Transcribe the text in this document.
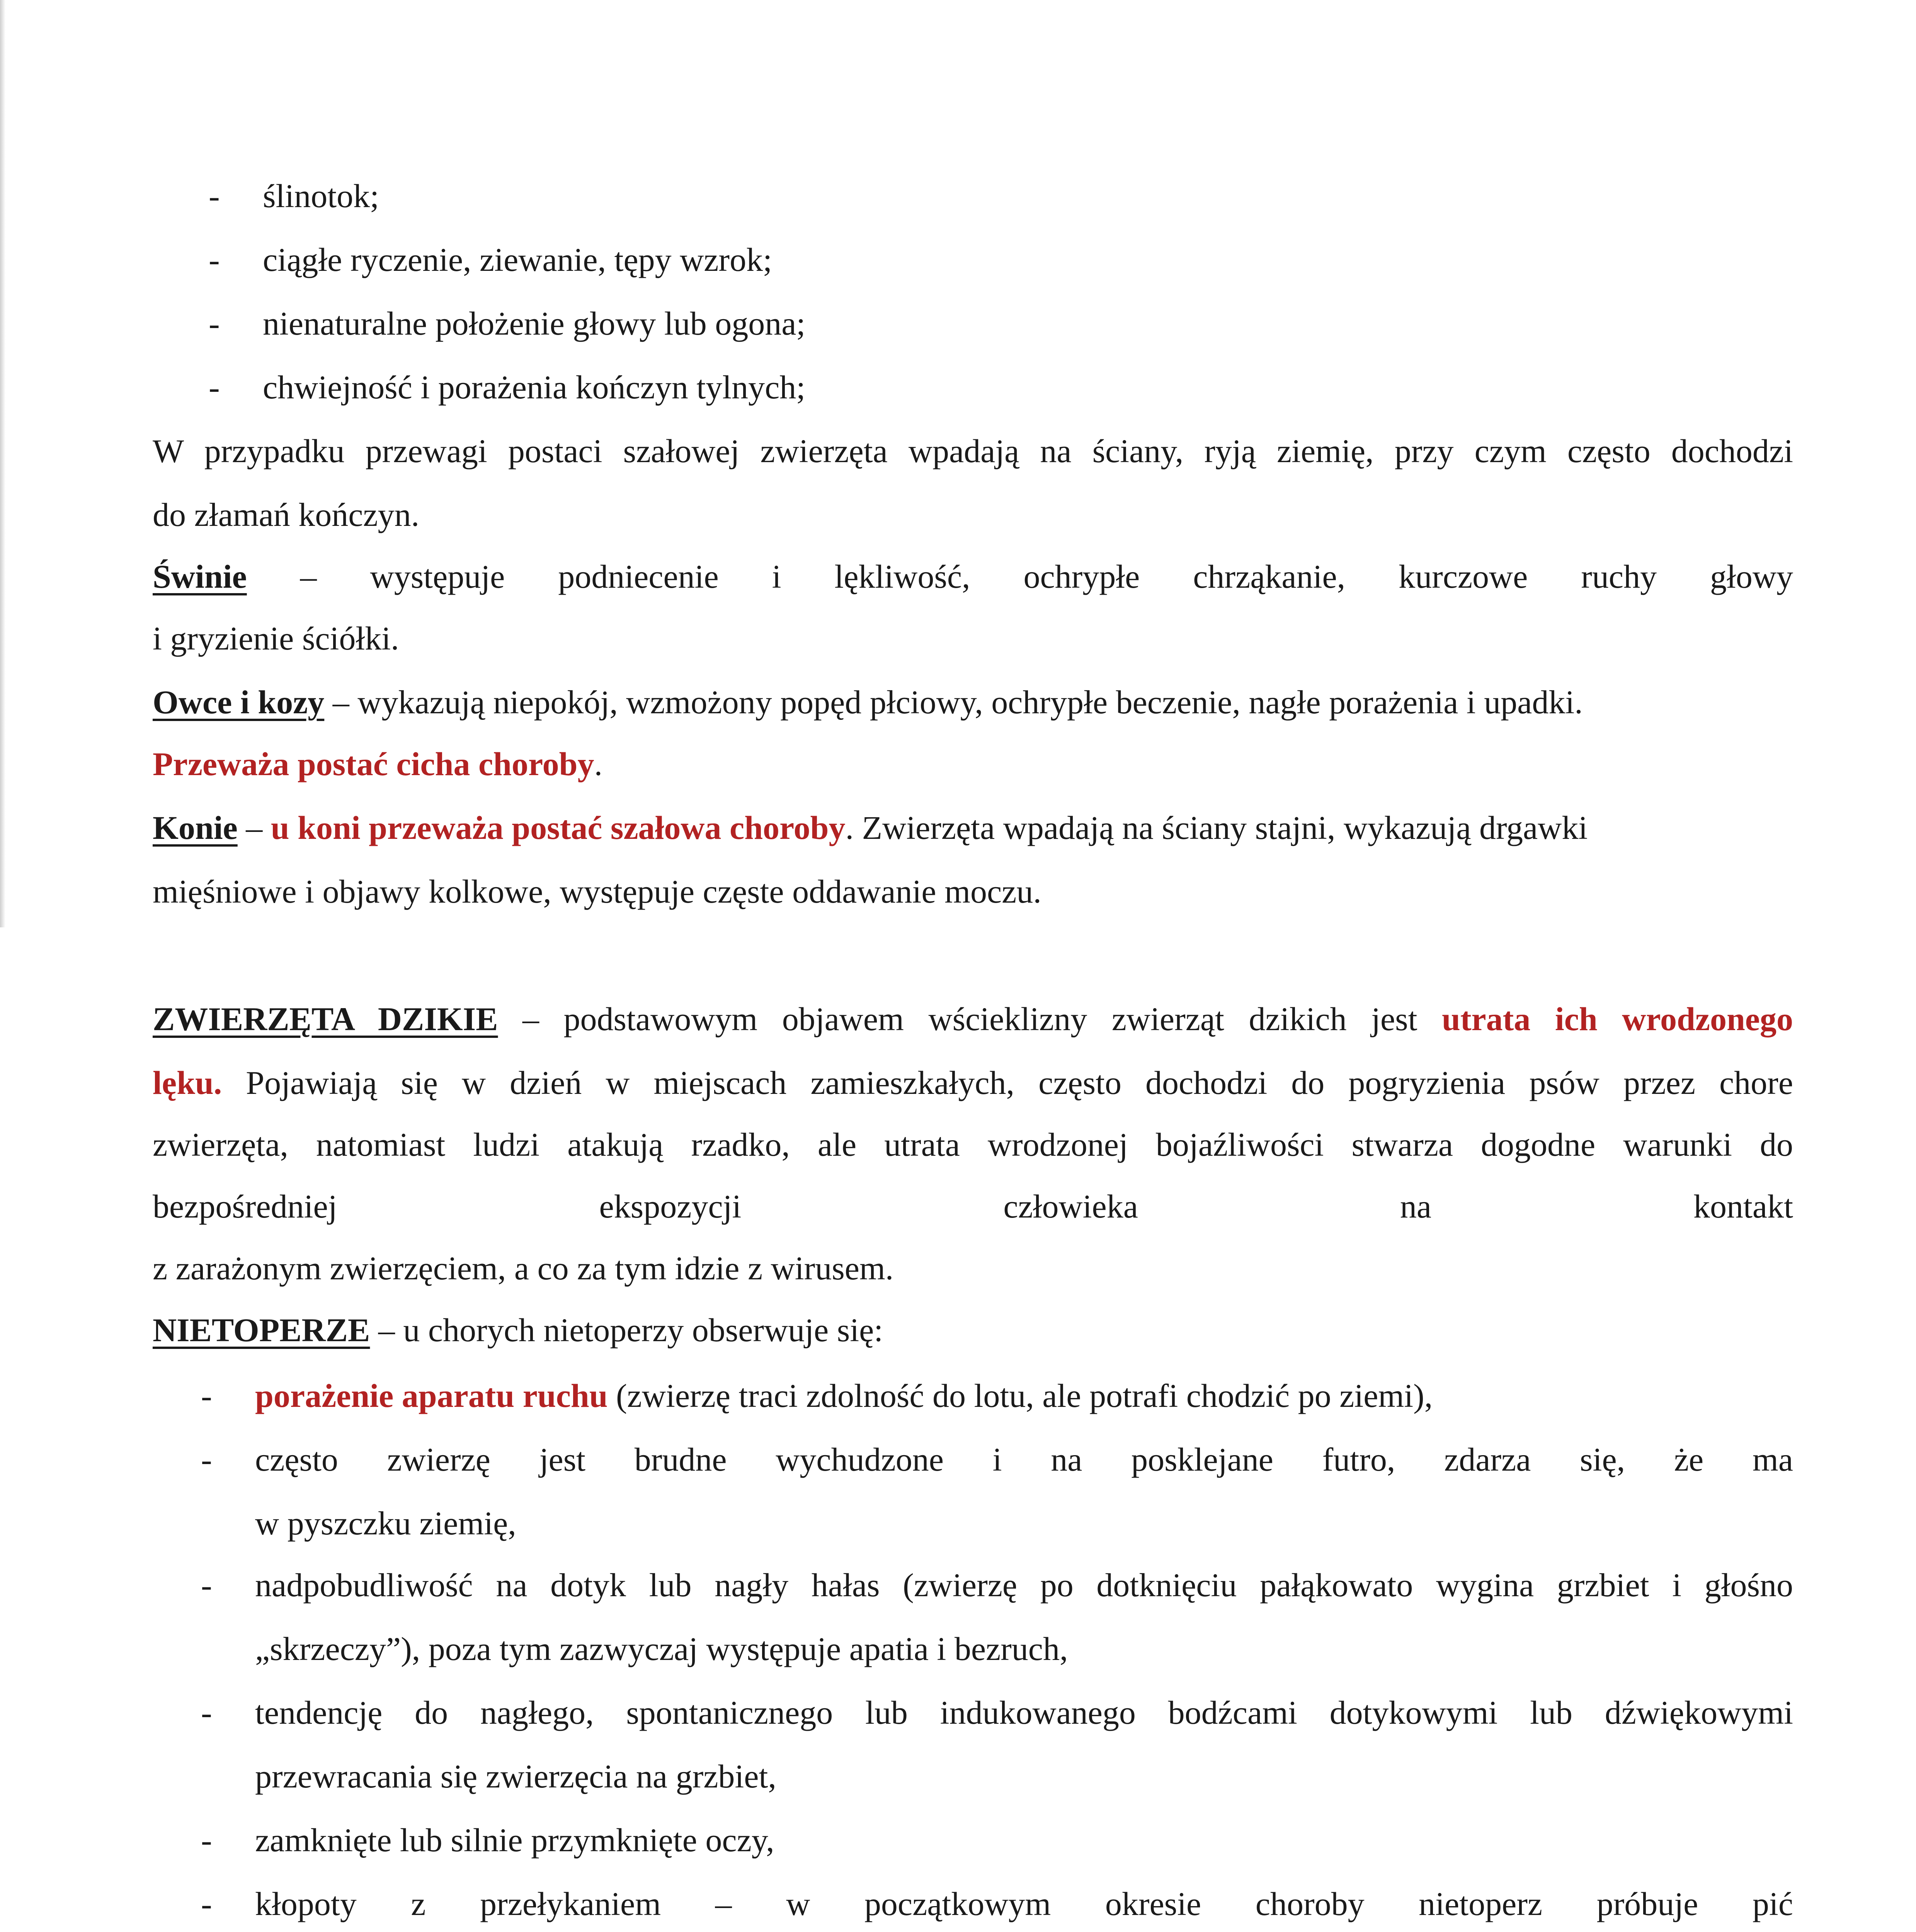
- ślinotok;
- ciągłe ryczenie, ziewanie, tępy wzrok;
- nienaturalne położenie głowy lub ogona;
- chwiejność i porażenia kończyn tylnych;
W przypadku przewagi postaci szałowej zwierzęta wpadają na ściany, ryją ziemię, przy czym często dochodzi
do złamań kończyn.
Świnie – występuje podniecenie i lękliwość, ochrypłe chrząkanie, kurczowe ruchy głowy
i gryzienie ściółki.
Owce i kozy – wykazują niepokój, wzmożony popęd płciowy, ochrypłe beczenie, nagłe porażenia i upadki.
Przeważa postać cicha choroby.
Konie – u koni przeważa postać szałowa choroby. Zwierzęta wpadają na ściany stajni, wykazują drgawki
mięśniowe i objawy kolkowe, występuje częste oddawanie moczu.
ZWIERZĘTA DZIKIE – podstawowym objawem wścieklizny zwierząt dzikich jest utrata ich wrodzonego
lęku. Pojawiają się w dzień w miejscach zamieszkałych, często dochodzi do pogryzienia psów przez chore
zwierzęta, natomiast ludzi atakują rzadko, ale utrata wrodzonej bojaźliwości stwarza dogodne warunki do
bezpośredniej ekspozycji człowieka na kontakt
z zarażonym zwierzęciem, a co za tym idzie z wirusem.
NIETOPERZE – u chorych nietoperzy obserwuje się:
- porażenie aparatu ruchu (zwierzę traci zdolność do lotu, ale potrafi chodzić po ziemi),
- często zwierzę jest brudne wychudzone i na posklejane futro, zdarza się, że ma
w pyszczku ziemię,
- nadpobudliwość na dotyk lub nagły hałas (zwierzę po dotknięciu pałąkowato wygina grzbiet i głośno
„skrzeczy”), poza tym zazwyczaj występuje apatia i bezruch,
- tendencję do nagłego, spontanicznego lub indukowanego bodźcami dotykowymi lub dźwiękowymi
przewracania się zwierzęcia na grzbiet,
- zamknięte lub silnie przymknięte oczy,
- kłopoty z przełykaniem – w początkowym okresie choroby nietoperz próbuje pić
